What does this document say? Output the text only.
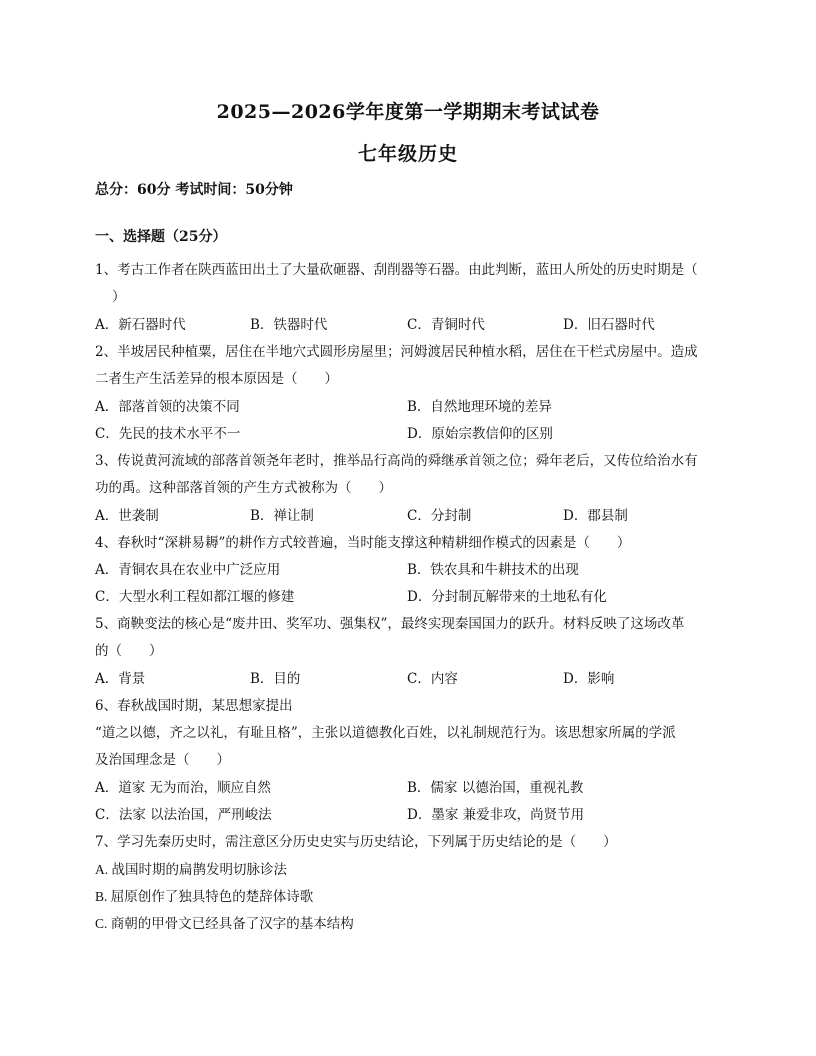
2025—2026学年度第一学期期末考试试卷
七年级历史
总分：60分 考试时间：50分钟
一、选择题（25分）
1、考古工作者在陕西蓝田出土了大量砍砸器、刮削器等石器。由此判断，蓝田人所处的历史时期是（
）
A．新石器时代	B．铁器时代	C．青铜时代	D．旧石器时代
2、半坡居民种植粟，居住在半地穴式圆形房屋里；河姆渡居民种植水稻，居住在干栏式房屋中。造成
二者生产生活差异的根本原因是（　　）
A．部落首领的决策不同	B．自然地理环境的差异
C．先民的技术水平不一	D．原始宗教信仰的区别
3、传说黄河流域的部落首领尧年老时，推举品行高尚的舜继承首领之位；舜年老后，又传位给治水有
功的禹。这种部落首领的产生方式被称为（　　）
A．世袭制	B．禅让制	C．分封制	D．郡县制
4、春秋时“深耕易耨”的耕作方式较普遍，当时能支撑这种精耕细作模式的因素是（　　）
A．青铜农具在农业中广泛应用	B．铁农具和牛耕技术的出现
C．大型水利工程如都江堰的修建	D．分封制瓦解带来的土地私有化
5、商鞅变法的核心是“废井田、奖军功、强集权”，最终实现秦国国力的跃升。材料反映了这场改革
的（　　）
A．背景	B．目的	C．内容	D．影响
6、春秋战国时期，某思想家提出
“道之以德，齐之以礼，有耻且格”，主张以道德教化百姓，以礼制规范行为。该思想家所属的学派
及治国理念是（　　）
A．道家 无为而治，顺应自然	B．儒家 以德治国，重视礼教
C．法家 以法治国，严刑峻法	D．墨家 兼爱非攻，尚贤节用
7、学习先秦历史时，需注意区分历史史实与历史结论，下列属于历史结论的是（　　）
A. 战国时期的扁鹊发明切脉诊法
B. 屈原创作了独具特色的楚辞体诗歌
C. 商朝的甲骨文已经具备了汉字的基本结构
